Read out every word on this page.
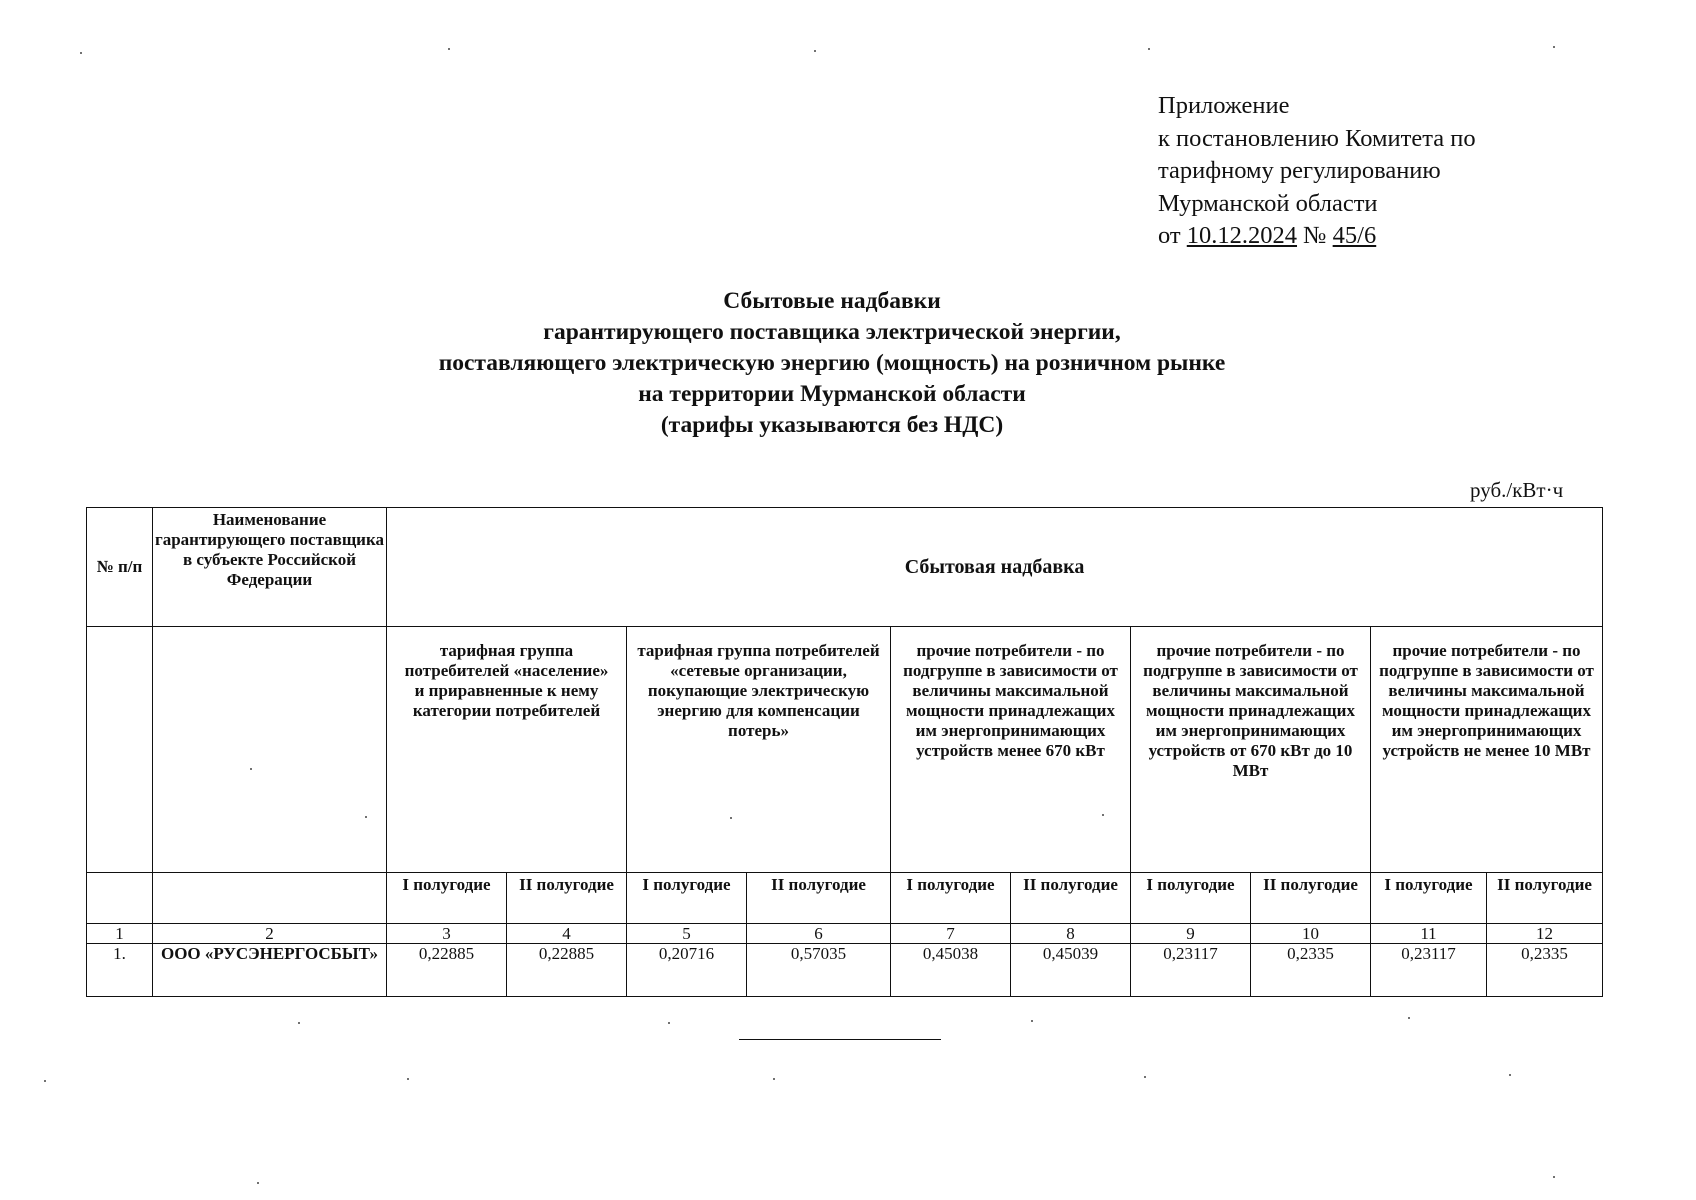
Приложение
к постановлению Комитета по
тарифному регулированию
Мурманской области
от 10.12.2024 № 45/6
Сбытовые надбавки
гарантирующего поставщика электрической энергии,
поставляющего электрическую энергию (мощность) на розничном рынке
на территории Мурманской области
(тарифы указываются без НДС)
руб./кВт·ч
№ п/п	Наименование гарантирующего поставщика в субъекте Российской Федерации	Сбытовая надбавка									
		тарифная группа потребителей «население» и приравненные к нему категории потребителей		тарифная группа потребителей «сетевые организации, покупающие электрическую энергию для компенсации потерь»		прочие потребители - по подгруппе в зависимости от величины максимальной мощности принадлежащих им энергопринимающих устройств менее 670 кВт		прочие потребители - по подгруппе в зависимости от величины максимальной мощности принадлежащих им энергопринимающих устройств от 670 кВт до 10 МВт		прочие потребители - по подгруппе в зависимости от величины максимальной мощности принадлежащих им энергопринимающих устройств не менее 10 МВт	
		I полугодие	II полугодие	I полугодие	II полугодие	I полугодие	II полугодие	I полугодие	II полугодие	I полугодие	II полугодие
1	2	3	4	5	6	7	8	9	10	11	12
1.	ООО «РУСЭНЕРГОСБЫТ»	0,22885	0,22885	0,20716	0,57035	0,45038	0,45039	0,23117	0,2335	0,23117	0,2335
